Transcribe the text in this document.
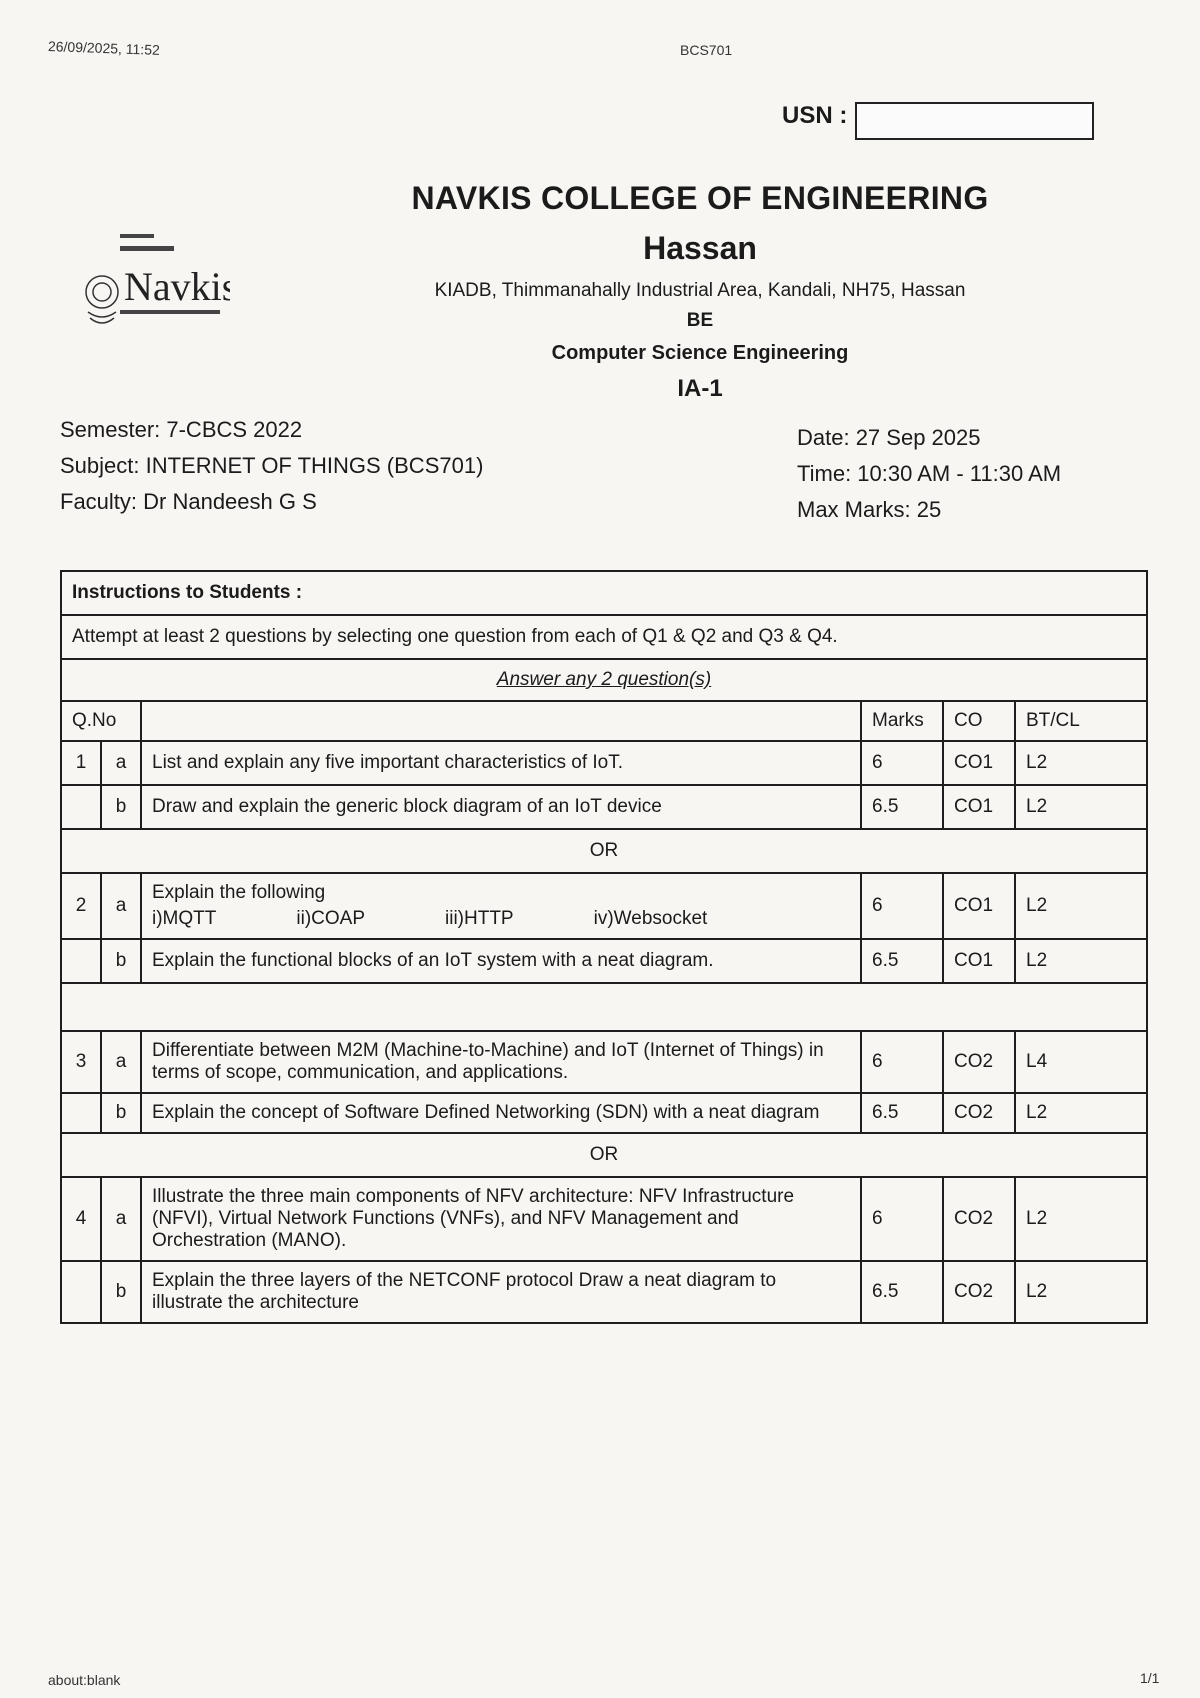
26/09/2025, 11:52	BCS701
USN :
Navkis
NAVKIS COLLEGE OF ENGINEERING
Hassan
KIADB, Thimmanahally Industrial Area, Kandali, NH75, Hassan
BE
Computer Science Engineering
IA-1
Semester: 7-CBCS 2022
Subject: INTERNET OF THINGS (BCS701)
Faculty: Dr Nandeesh G S
Date: 27 Sep 2025
Time: 10:30 AM - 11:30 AM
Max Marks: 25
Instructions to Students :					
Attempt at least 2 questions by selecting one question from each of Q1 & Q2 and Q3 & Q4.					
Answer any 2 question(s)					
Q.No			Marks	CO	BT/CL
1	a	List and explain any five important characteristics of IoT.	6	CO1	L2
	b	Draw and explain the generic block diagram of an IoT device	6.5	CO1	L2
OR					
2	a	Explain the following
i)MQTT ii)COAP iii)HTTP iv)Websocket	6	CO1	L2
	b	Explain the functional blocks of an IoT system with a neat diagram.	6.5	CO1	L2

3	a	Differentiate between M2M (Machine-to-Machine) and IoT (Internet of Things) in terms of scope, communication, and applications.	6	CO2	L4
	b	Explain the concept of Software Defined Networking (SDN) with a neat diagram	6.5	CO2	L2
OR					
4	a	Illustrate the three main components of NFV architecture: NFV Infrastructure (NFVI), Virtual Network Functions (VNFs), and NFV Management and Orchestration (MANO).	6	CO2	L2
	b	Explain the three layers of the NETCONF protocol Draw a neat diagram to illustrate the architecture	6.5	CO2	L2
about:blank	1/1
